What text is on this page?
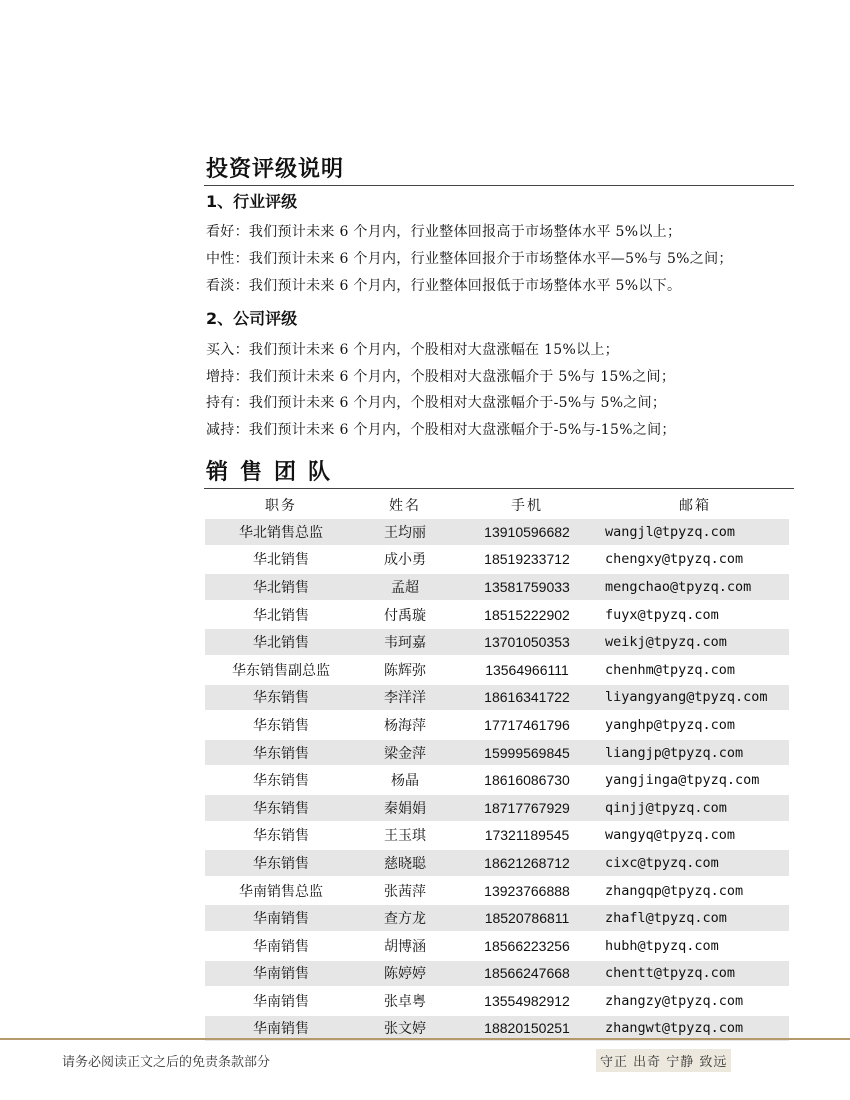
投资评级说明
1、行业评级

看好：我们预计未来 6 个月内，行业整体回报高于市场整体水平 5%以上；

中性：我们预计未来 6 个月内，行业整体回报介于市场整体水平—5%与 5%之间；

看淡：我们预计未来 6 个月内，行业整体回报低于市场整体水平 5%以下。

2、公司评级

买入：我们预计未来 6 个月内，个股相对大盘涨幅在 15%以上；

增持：我们预计未来 6 个月内，个股相对大盘涨幅介于 5%与 15%之间；

持有：我们预计未来 6 个月内，个股相对大盘涨幅介于-5%与 5%之间；

减持：我们预计未来 6 个月内，个股相对大盘涨幅介于-5%与-15%之间；

销售团队
职务	姓名	手机	邮箱
华北销售总监	王均丽	13910596682	wangjl@tpyzq.com
华北销售	成小勇	18519233712	chengxy@tpyzq.com
华北销售	孟超	13581759033	mengchao@tpyzq.com
华北销售	付禹璇	18515222902	fuyx@tpyzq.com
华北销售	韦珂嘉	13701050353	weikj@tpyzq.com
华东销售副总监	陈辉弥	13564966111	chenhm@tpyzq.com
华东销售	李洋洋	18616341722	liyangyang@tpyzq.com
华东销售	杨海萍	17717461796	yanghp@tpyzq.com
华东销售	梁金萍	15999569845	liangjp@tpyzq.com
华东销售	杨晶	18616086730	yangjinga@tpyzq.com
华东销售	秦娟娟	18717767929	qinjj@tpyzq.com
华东销售	王玉琪	17321189545	wangyq@tpyzq.com
华东销售	慈晓聪	18621268712	cixc@tpyzq.com
华南销售总监	张茜萍	13923766888	zhangqp@tpyzq.com
华南销售	查方龙	18520786811	zhafl@tpyzq.com
华南销售	胡博涵	18566223256	hubh@tpyzq.com
华南销售	陈婷婷	18566247668	chentt@tpyzq.com
华南销售	张卓粤	13554982912	zhangzy@tpyzq.com
华南销售	张文婷	18820150251	zhangwt@tpyzq.com

请务必阅读正文之后的免责条款部分	守正 出奇 宁静 致远
